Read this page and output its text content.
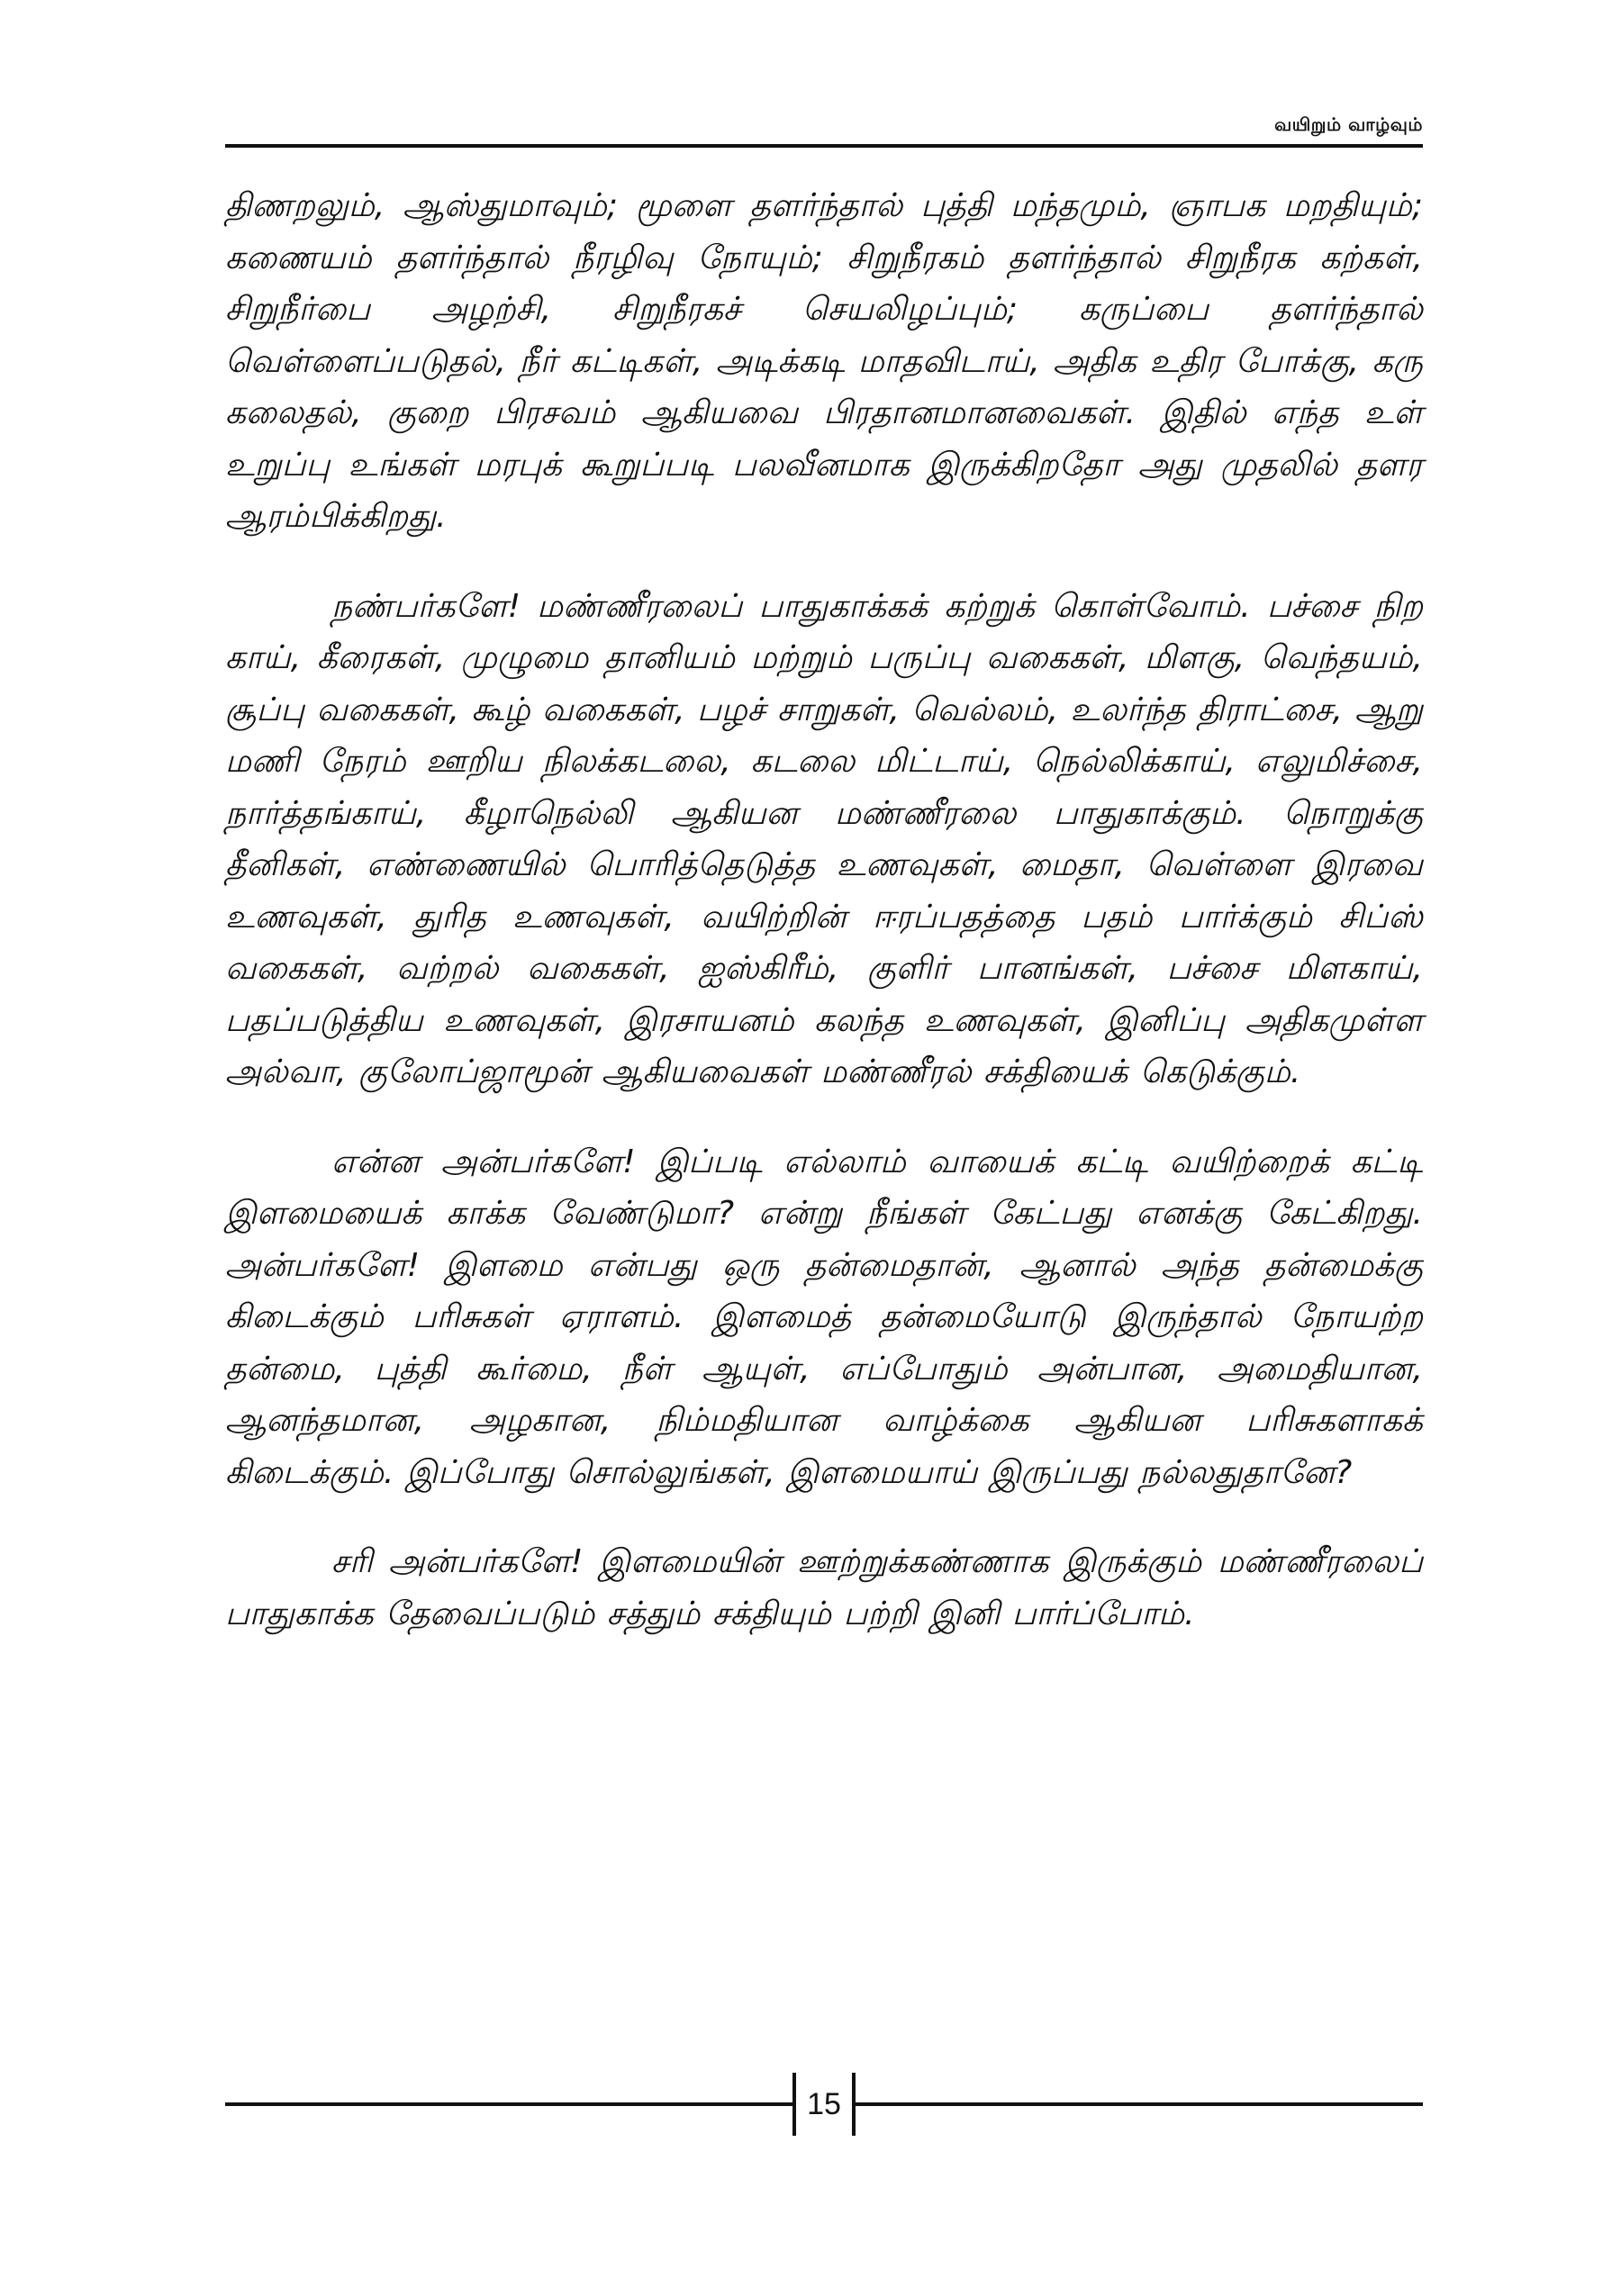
வயிறும் வாழ்வும்

திணறலும், ஆஸ்துமாவும்; மூளை தளர்ந்தால் புத்தி மந்தமும், ஞாபக மறதியும்; கணையம் தளர்ந்தால் நீரழிவு நோயும்; சிறுநீரகம் தளர்ந்தால் சிறுநீரக கற்கள், சிறுநீர்பை அழற்சி, சிறுநீரகச் செயலிழப்பும்; கருப்பை தளர்ந்தால் வெள்ளைப்படுதல், நீர் கட்டிகள், அடிக்கடி மாதவிடாய், அதிக உதிர போக்கு, கரு கலைதல், குறை பிரசவம் ஆகியவை பிரதானமானவைகள். இதில் எந்த உள் உறுப்பு உங்கள் மரபுக் கூறுப்படி பலவீனமாக இருக்கிறதோ அது முதலில் தளர ஆரம்பிக்கிறது.

நண்பர்களே! மண்ணீரலைப் பாதுகாக்கக் கற்றுக் கொள்வோம். பச்சை நிற காய், கீரைகள், முழுமை தானியம் மற்றும் பருப்பு வகைகள், மிளகு, வெந்தயம், சூப்பு வகைகள், கூழ் வகைகள், பழச் சாறுகள், வெல்லம், உலர்ந்த திராட்சை, ஆறு மணி நேரம் ஊறிய நிலக்கடலை, கடலை மிட்டாய், நெல்லிக்காய், எலுமிச்சை, நார்த்தங்காய், கீழாநெல்லி ஆகியன மண்ணீரலை பாதுகாக்கும். நொறுக்கு தீனிகள், எண்ணையில் பொரித்தெடுத்த உணவுகள், மைதா, வெள்ளை இரவை உணவுகள், துரித உணவுகள், வயிற்றின் ஈரப்பதத்தை பதம் பார்க்கும் சிப்ஸ் வகைகள், வற்றல் வகைகள், ஐஸ்கிரீம், குளிர் பானங்கள், பச்சை மிளகாய், பதப்படுத்திய உணவுகள், இரசாயனம் கலந்த உணவுகள், இனிப்பு அதிகமுள்ள அல்வா, குலோப்ஜாமூன் ஆகியவைகள் மண்ணீரல் சக்தியைக் கெடுக்கும்.

என்ன அன்பர்களே! இப்படி எல்லாம் வாயைக் கட்டி வயிற்றைக் கட்டி இளமையைக் காக்க வேண்டுமா? என்று நீங்கள் கேட்பது எனக்கு கேட்கிறது. அன்பர்களே! இளமை என்பது ஒரு தன்மைதான், ஆனால் அந்த தன்மைக்கு கிடைக்கும் பரிசுகள் ஏராளம். இளமைத் தன்மையோடு இருந்தால் நோயற்ற தன்மை, புத்தி கூர்மை, நீள் ஆயுள், எப்போதும் அன்பான, அமைதியான, ஆனந்தமான, அழகான, நிம்மதியான வாழ்க்கை ஆகியன பரிசுகளாகக் கிடைக்கும். இப்போது சொல்லுங்கள், இளமையாய் இருப்பது நல்லதுதானே?

சரி அன்பர்களே! இளமையின் ஊற்றுக்கண்ணாக இருக்கும் மண்ணீரலைப் பாதுகாக்க தேவைப்படும் சத்தும் சக்தியும் பற்றி இனி பார்ப்போம்.

15
